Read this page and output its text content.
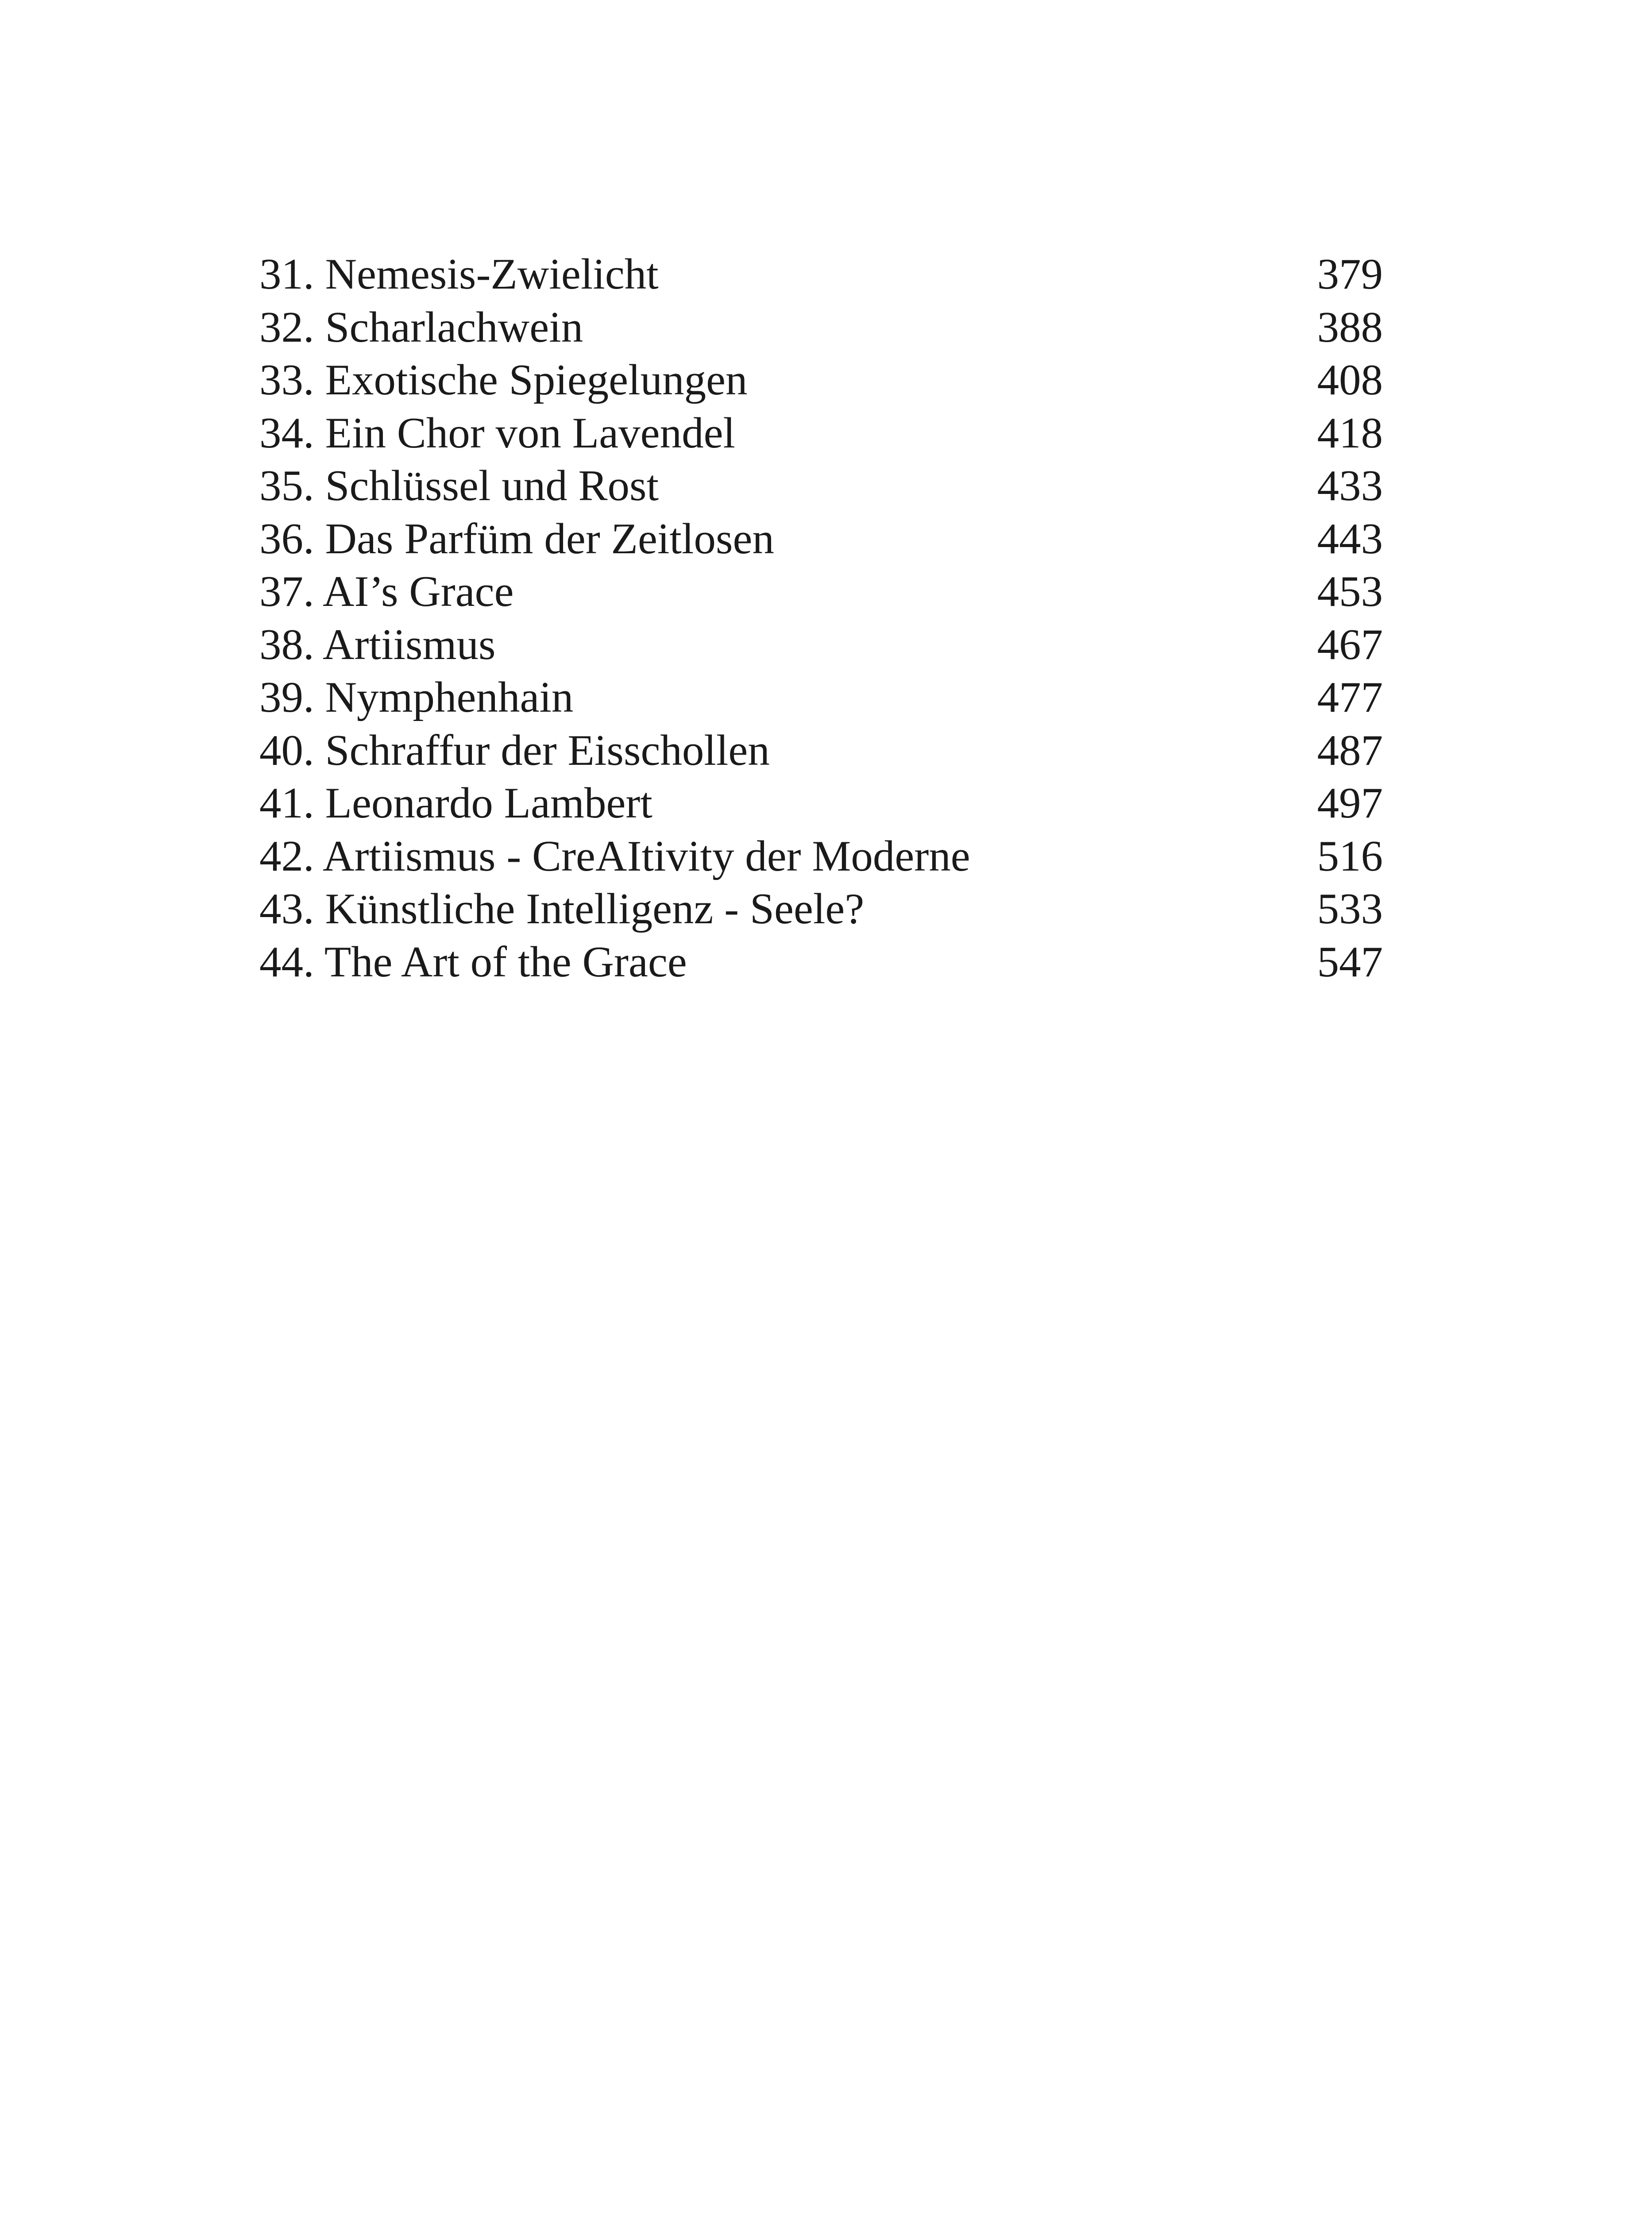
31. Nemesis-Zwielicht	379
32. Scharlachwein	388
33. Exotische Spiegelungen	408
34. Ein Chor von Lavendel	418
35. Schlüssel und Rost	433
36. Das Parfüm der Zeitlosen	443
37. AI’s Grace	453
38. Artiismus	467
39. Nymphenhain	477
40. Schraffur der Eisschollen	487
41. Leonardo Lambert	497
42. Artiismus - CreAItivity der Moderne	516
43. Künstliche Intelligenz - Seele?	533
44. The Art of the Grace	547
